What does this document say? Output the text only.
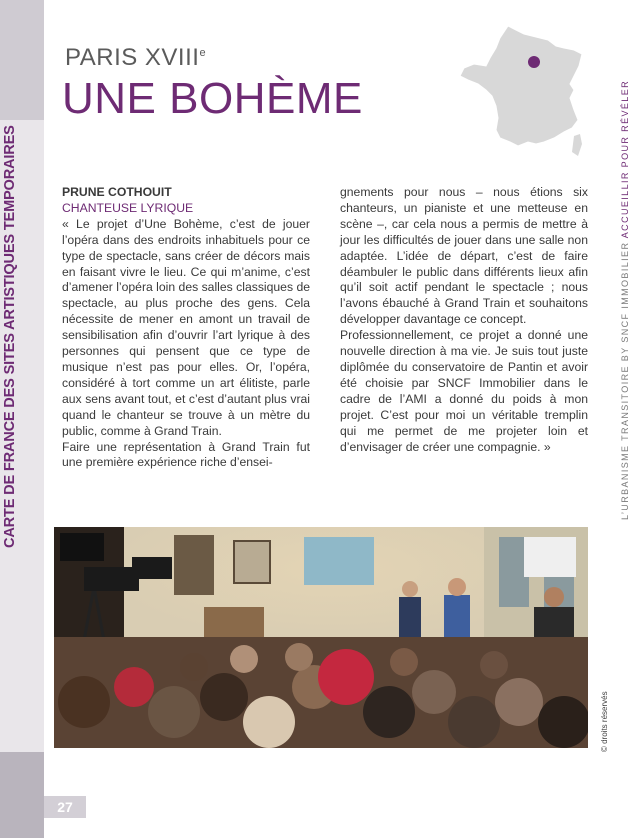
CARTE DE FRANCE DES SITES ARTISTIQUES TEMPORAIRES	L’URBANISME TRANSITOIRE BY SNCF IMMOBILIER ACCUEILLIR POUR RÉVÉLER
PARIS XVIIIe
UNE BOHÈME

PRUNE COTHOUIT

CHANTEUSE LYRIQUE

« Le projet d’Une Bohème, c’est de jouer l’opéra dans des endroits inhabituels pour ce type de spectacle, sans créer de décors mais en faisant vivre le lieu. Ce qui m’anime, c’est d’amener l’opéra loin des salles classiques de spectacle, au plus proche des gens. Cela nécessite de mener en amont un travail de sensibilisation afin d’ouvrir l’art lyrique à des personnes qui pensent que ce type de musique n’est pas pour elles. Or, l’opéra, considéré à tort comme un art élitiste, parle aux sens avant tout, et c’est d’autant plus vrai quand le chanteur se trouve à un mètre du public, comme à Grand Train.

Faire une représentation à Grand Train fut une première expérience riche d’ensei-

gnements pour nous – nous étions six chanteurs, un pianiste et une metteuse en scène –, car cela nous a permis de mettre à jour les difficultés de jouer dans une salle non adaptée. L’idée de départ, c’est de faire déambuler le public dans différents lieux afin qu’il soit actif pendant le spectacle ; nous l’avons ébauché à Grand Train et souhaitons développer davantage ce concept.

Professionnellement, ce projet a donné une nouvelle direction à ma vie. Je suis tout juste diplômée du conservatoire de Pantin et avoir été choisie par SNCF Immobilier dans le cadre de l’AMI a donné du poids à mon projet. C’est pour moi un véritable tremplin qui me permet de me projeter loin et d’envisager de créer une compagnie. »

© droits réservés
27
